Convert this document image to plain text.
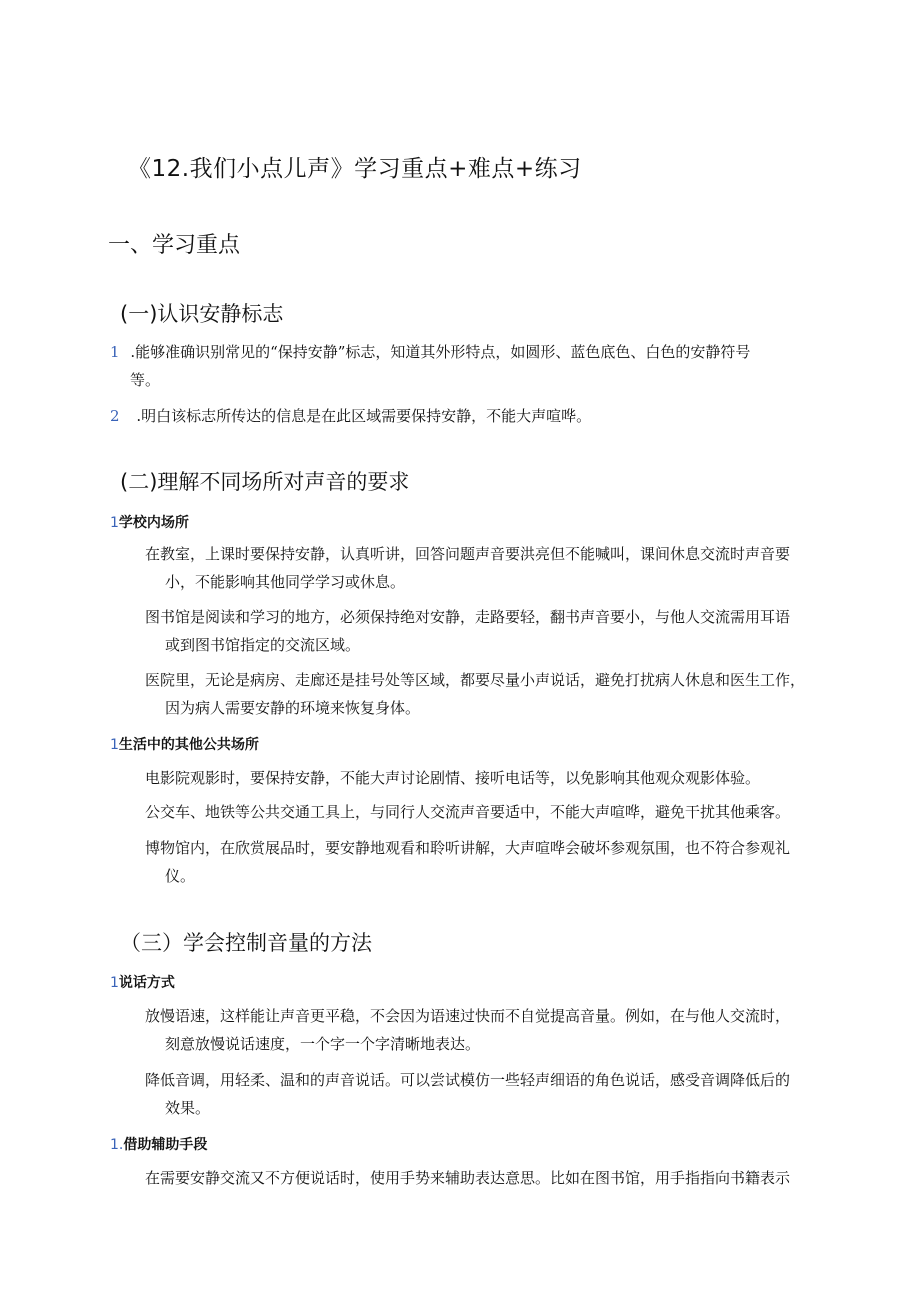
《12.我们小点儿声》学习重点+难点+练习
一、学习重点
(一)认识安静标志
1 .能够准确识别常见的“保持安静”标志，知道其外形特点，如圆形、蓝色底色、白色的安静符号
等。
2 .明白该标志所传达的信息是在此区域需要保持安静，不能大声喧哗。
(二)理解不同场所对声音的要求
1学校内场所
在教室，上课时要保持安静，认真听讲，回答问题声音要洪亮但不能喊叫，课间休息交流时声音要
小，不能影响其他同学学习或休息。
图书馆是阅读和学习的地方，必须保持绝对安静，走路要轻，翻书声音要小，与他人交流需用耳语
或到图书馆指定的交流区域。
医院里，无论是病房、走廊还是挂号处等区域，都要尽量小声说话，避免打扰病人休息和医生工作，
因为病人需要安静的环境来恢复身体。
1生活中的其他公共场所
电影院观影时，要保持安静，不能大声讨论剧情、接听电话等，以免影响其他观众观影体验。
公交车、地铁等公共交通工具上，与同行人交流声音要适中，不能大声喧哗，避免干扰其他乘客。
博物馆内，在欣赏展品时，要安静地观看和聆听讲解，大声喧哗会破坏参观氛围，也不符合参观礼
仪。
（三）学会控制音量的方法
1说话方式
放慢语速，这样能让声音更平稳，不会因为语速过快而不自觉提高音量。例如，在与他人交流时，
刻意放慢说话速度，一个字一个字清晰地表达。
降低音调，用轻柔、温和的声音说话。可以尝试模仿一些轻声细语的角色说话，感受音调降低后的
效果。
1.借助辅助手段
在需要安静交流又不方便说话时，使用手势来辅助表达意思。比如在图书馆，用手指指向书籍表示
